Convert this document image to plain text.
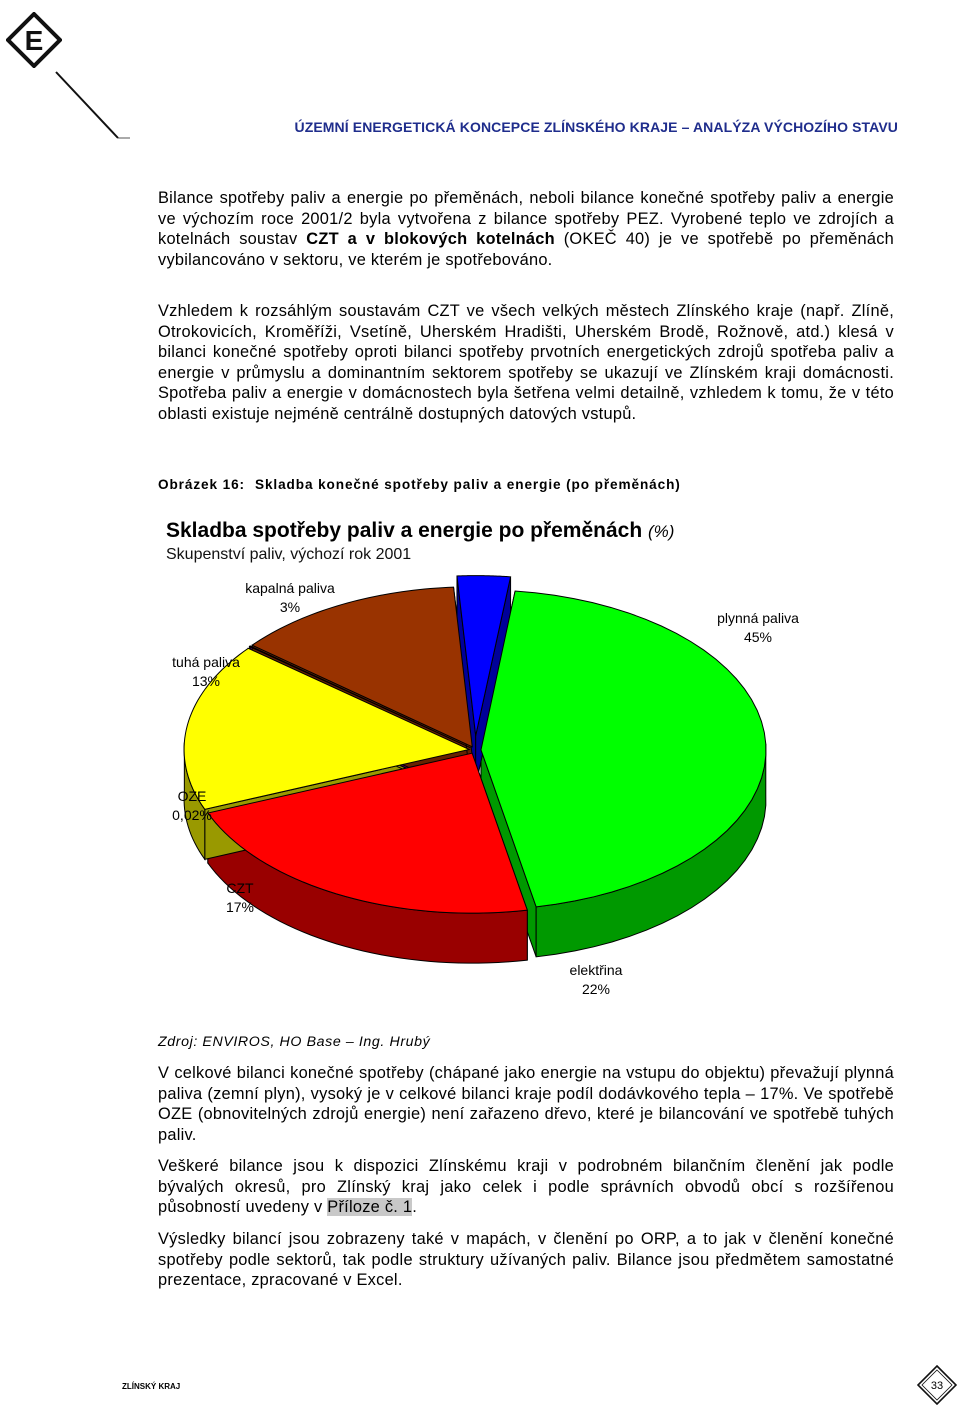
E
ÚZEMNÍ ENERGETICKÁ KONCEPCE ZLÍNSKÉHO KRAJE – ANALÝZA VÝCHOZÍHO STAVU

Bilance spotřeby paliv a energie po přeměnách, neboli bilance konečné spotřeby paliv a energie ve výchozím roce 2001/2 byla vytvořena z bilance spotřeby PEZ. Vyrobené teplo ve zdrojích a kotelnách soustav CZT a v blokových kotelnách (OKEČ 40) je ve spotřebě po přeměnách vybilancováno v sektoru, ve kterém je spotřebováno.

Vzhledem k rozsáhlým soustavám CZT ve všech velkých městech Zlínského kraje (např. Zlíně, Otrokovicích, Kroměříži, Vsetíně, Uherském Hradišti, Uherském Brodě, Rožnově, atd.) klesá v bilanci konečné spotřeby oproti bilanci spotřeby prvotních energetických zdrojů spotřeba paliv a energie v průmyslu a dominantním sektorem spotřeby se ukazují ve Zlínském kraji domácnosti. Spotřeba paliv a energie v domácnostech byla šetřena velmi detailně, vzhledem k tomu, že v této oblasti existuje nejméně centrálně dostupných datových vstupů.

Obrázek 16: Skladba konečné spotřeby paliv a energie (po přeměnách)
Skladba spotřeby paliv a energie po přeměnách (%)
Skupenství paliv, výchozí rok 2001
plynná paliva 45%
elektřina 22%
CZT 17%
OZE 0,02%
tuhá paliva 13%
kapalná paliva 3%
Zdroj: ENVIROS, HO Base – Ing. Hrubý

V celkové bilanci konečné spotřeby (chápané jako energie na vstupu do objektu) převažují plynná paliva (zemní plyn), vysoký je v celkové bilanci kraje podíl dodávkového tepla – 17%. Ve spotřebě OZE (obnovitelných zdrojů energie) není zařazeno dřevo, které je bilancování ve spotřebě tuhých paliv.

Veškeré bilance jsou k dispozici Zlínskému kraji v podrobném bilančním členění jak podle bývalých okresů, pro Zlínský kraj jako celek i podle správních obvodů obcí s rozšířenou působností uvedeny v Příloze č. 1.

Výsledky bilancí jsou zobrazeny také v mapách, v členění po ORP, a to jak v členění konečné spotřeby podle sektorů, tak podle struktury užívaných paliv. Bilance jsou předmětem samostatné prezentace, zpracované v Excel.

ZLÍNSKÝ KRAJ	33
